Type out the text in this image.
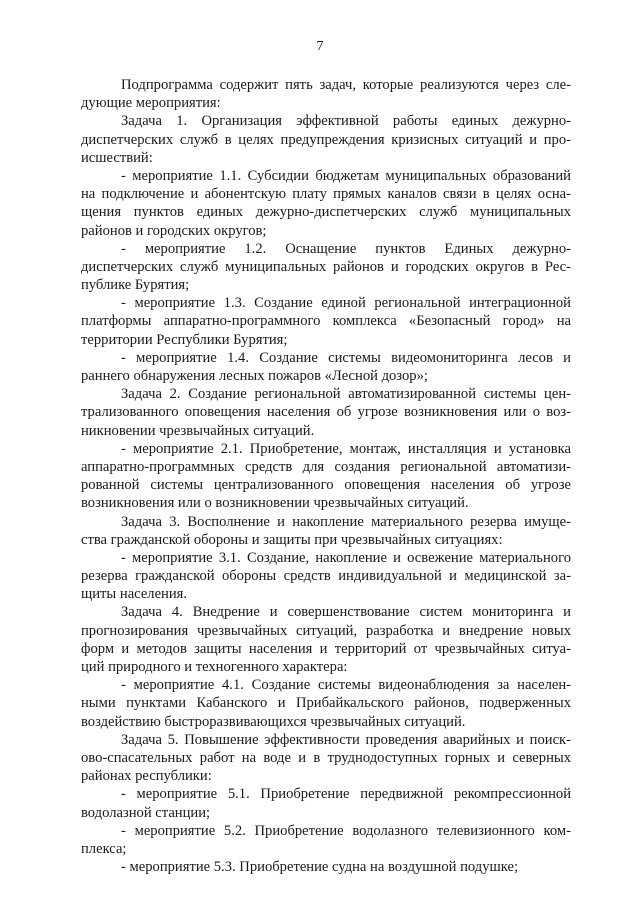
7
Подпрограмма содержит пять задач, которые реализуются через сле-
дующие мероприятия:
Задача 1. Организация эффективной работы единых дежурно-
диспетчерских служб в целях предупреждения кризисных ситуаций и про-
исшествий:
- мероприятие 1.1. Субсидии бюджетам муниципальных образований
на подключение и абонентскую плату прямых каналов связи в целях осна-
щения пунктов единых дежурно-диспетчерских служб муниципальных
районов и городских округов;
- мероприятие 1.2. Оснащение пунктов Единых дежурно-
диспетчерских служб муниципальных районов и городских округов в Рес-
публике Бурятия;
- мероприятие 1.3. Создание единой региональной интеграционной
платформы аппаратно-программного комплекса «Безопасный город» на
территории Республики Бурятия;
- мероприятие 1.4. Создание системы видеомониторинга лесов и
раннего обнаружения лесных пожаров «Лесной дозор»;
Задача 2. Создание региональной автоматизированной системы цен-
трализованного оповещения населения об угрозе возникновения или о воз-
никновении чрезвычайных ситуаций.
- мероприятие 2.1. Приобретение, монтаж, инсталляция и установка
аппаратно-программных средств для создания региональной автоматизи-
рованной системы централизованного оповещения населения об угрозе
возникновения или о возникновении чрезвычайных ситуаций.
Задача 3. Восполнение и накопление материального резерва имуще-
ства гражданской обороны и защиты при чрезвычайных ситуациях:
- мероприятие 3.1. Создание, накопление и освежение материального
резерва гражданской обороны средств индивидуальной и медицинской за-
щиты населения.
Задача 4. Внедрение и совершенствование систем мониторинга и
прогнозирования чрезвычайных ситуаций, разработка и внедрение новых
форм и методов защиты населения и территорий от чрезвычайных ситуа-
ций природного и техногенного характера:
- мероприятие 4.1. Создание системы видеонаблюдения за населен-
ными пунктами Кабанского и Прибайкальского районов, подверженных
воздействию быстроразвивающихся чрезвычайных ситуаций.
Задача 5. Повышение эффективности проведения аварийных и поиск-
ово-спасательных работ на воде и в труднодоступных горных и северных
районах республики:
- мероприятие 5.1. Приобретение передвижной рекомпрессионной
водолазной станции;
- мероприятие 5.2. Приобретение водолазного телевизионного ком-
плекса;
- мероприятие 5.3. Приобретение судна на воздушной подушке;
